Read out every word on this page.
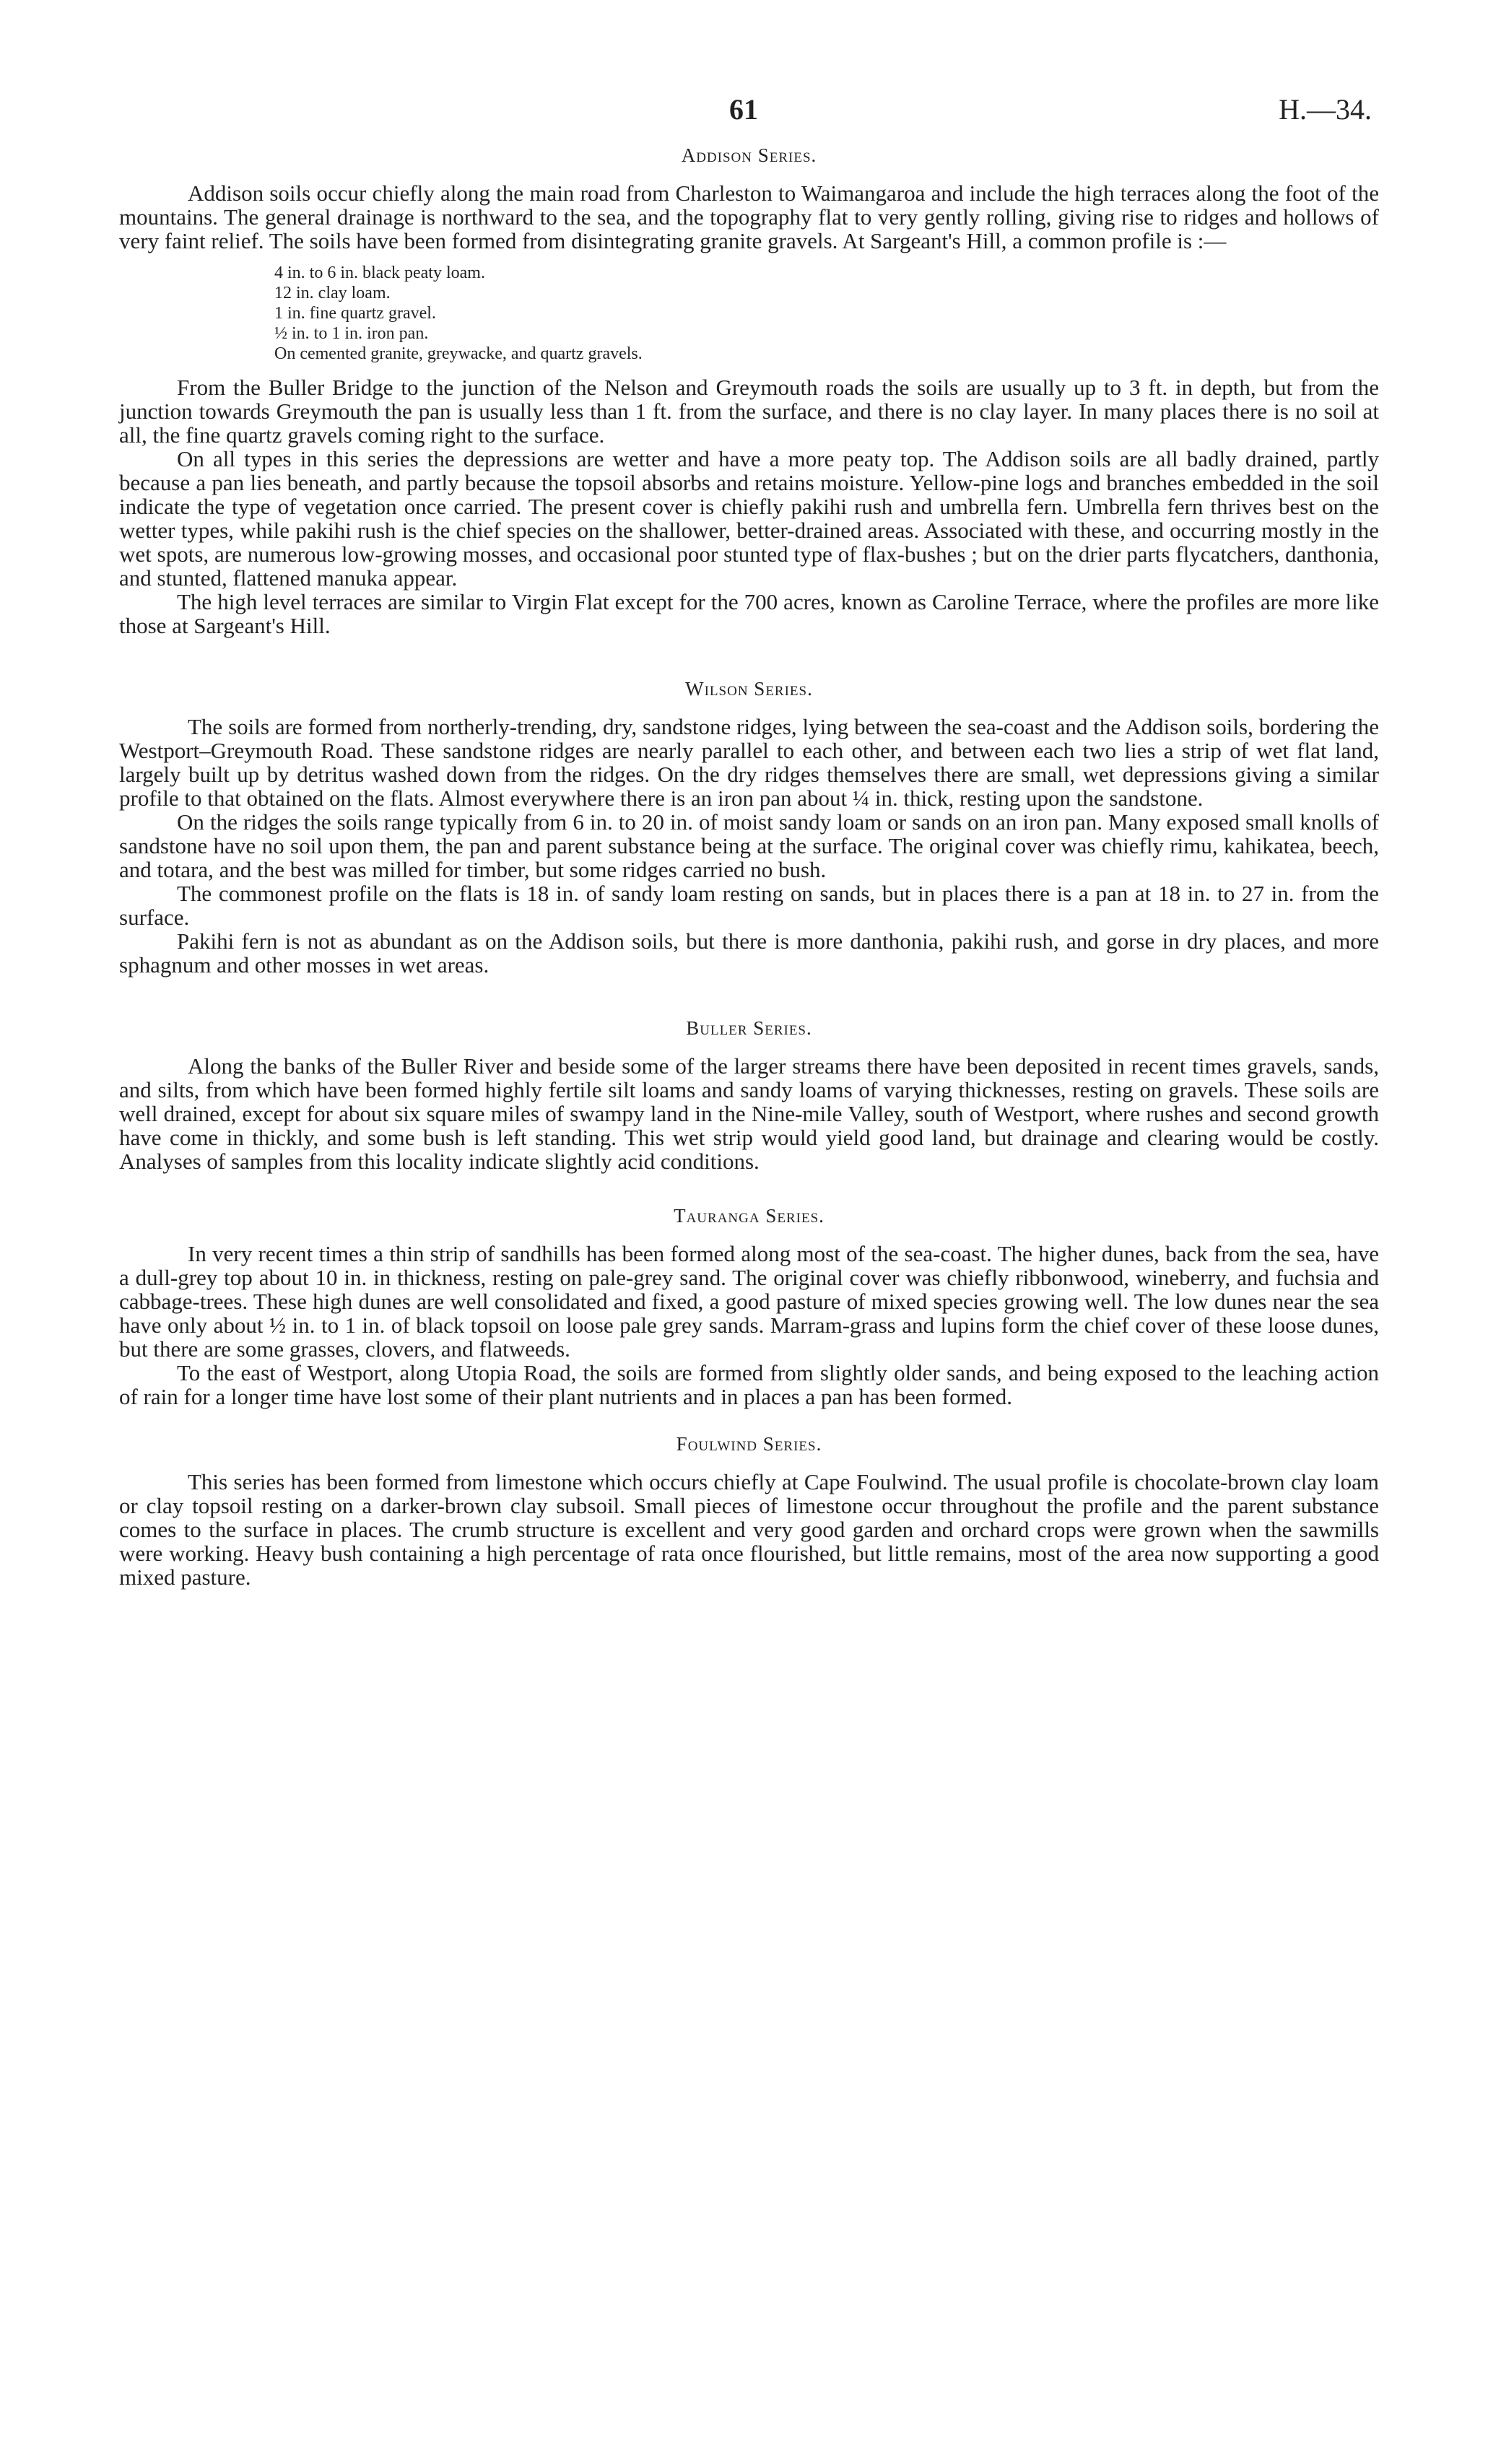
61	H.—34.
Addison Series.

Addison soils occur chiefly along the main road from Charleston to Waimangaroa and include the high terraces along the foot of the mountains. The general drainage is northward to the sea, and the topography flat to very gently rolling, giving rise to ridges and hollows of very faint relief. The soils have been formed from disintegrating granite gravels. At Sargeant's Hill, a common profile is :—

4 in. to 6 in. black peaty loam.
12 in. clay loam.
1 in. fine quartz gravel.
½ in. to 1 in. iron pan.
On cemented granite, greywacke, and quartz gravels.

From the Buller Bridge to the junction of the Nelson and Greymouth roads the soils are usually up to 3 ft. in depth, but from the junction towards Greymouth the pan is usually less than 1 ft. from the surface, and there is no clay layer. In many places there is no soil at all, the fine quartz gravels coming right to the surface.

On all types in this series the depressions are wetter and have a more peaty top. The Addison soils are all badly drained, partly because a pan lies beneath, and partly because the topsoil absorbs and retains moisture. Yellow-pine logs and branches embedded in the soil indicate the type of vegetation once carried. The present cover is chiefly pakihi rush and umbrella fern. Umbrella fern thrives best on the wetter types, while pakihi rush is the chief species on the shallower, better-drained areas. Associated with these, and occurring mostly in the wet spots, are numerous low-growing mosses, and occasional poor stunted type of flax-bushes ; but on the drier parts flycatchers, danthonia, and stunted, flattened manuka appear.

The high level terraces are similar to Virgin Flat except for the 700 acres, known as Caroline Terrace, where the profiles are more like those at Sargeant's Hill.

Wilson Series.

The soils are formed from northerly-trending, dry, sandstone ridges, lying between the sea-coast and the Addison soils, bordering the Westport–Greymouth Road. These sandstone ridges are nearly parallel to each other, and between each two lies a strip of wet flat land, largely built up by detritus washed down from the ridges. On the dry ridges themselves there are small, wet depressions giving a similar profile to that obtained on the flats. Almost everywhere there is an iron pan about ¼ in. thick, resting upon the sandstone.

On the ridges the soils range typically from 6 in. to 20 in. of moist sandy loam or sands on an iron pan. Many exposed small knolls of sandstone have no soil upon them, the pan and parent substance being at the surface. The original cover was chiefly rimu, kahikatea, beech, and totara, and the best was milled for timber, but some ridges carried no bush.

The commonest profile on the flats is 18 in. of sandy loam resting on sands, but in places there is a pan at 18 in. to 27 in. from the surface.

Pakihi fern is not as abundant as on the Addison soils, but there is more danthonia, pakihi rush, and gorse in dry places, and more sphagnum and other mosses in wet areas.

Buller Series.

Along the banks of the Buller River and beside some of the larger streams there have been deposited in recent times gravels, sands, and silts, from which have been formed highly fertile silt loams and sandy loams of varying thicknesses, resting on gravels. These soils are well drained, except for about six square miles of swampy land in the Nine-mile Valley, south of Westport, where rushes and second growth have come in thickly, and some bush is left standing. This wet strip would yield good land, but drainage and clearing would be costly. Analyses of samples from this locality indicate slightly acid conditions.

Tauranga Series.

In very recent times a thin strip of sandhills has been formed along most of the sea-coast. The higher dunes, back from the sea, have a dull-grey top about 10 in. in thickness, resting on pale-grey sand. The original cover was chiefly ribbonwood, wineberry, and fuchsia and cabbage-trees. These high dunes are well consolidated and fixed, a good pasture of mixed species growing well. The low dunes near the sea have only about ½ in. to 1 in. of black topsoil on loose pale grey sands. Marram-grass and lupins form the chief cover of these loose dunes, but there are some grasses, clovers, and flatweeds.

To the east of Westport, along Utopia Road, the soils are formed from slightly older sands, and being exposed to the leaching action of rain for a longer time have lost some of their plant nutrients and in places a pan has been formed.

Foulwind Series.

This series has been formed from limestone which occurs chiefly at Cape Foulwind. The usual profile is chocolate-brown clay loam or clay topsoil resting on a darker-brown clay subsoil. Small pieces of limestone occur throughout the profile and the parent substance comes to the surface in places. The crumb structure is excellent and very good garden and orchard crops were grown when the sawmills were working. Heavy bush containing a high percentage of rata once flourished, but little remains, most of the area now supporting a good mixed pasture.
